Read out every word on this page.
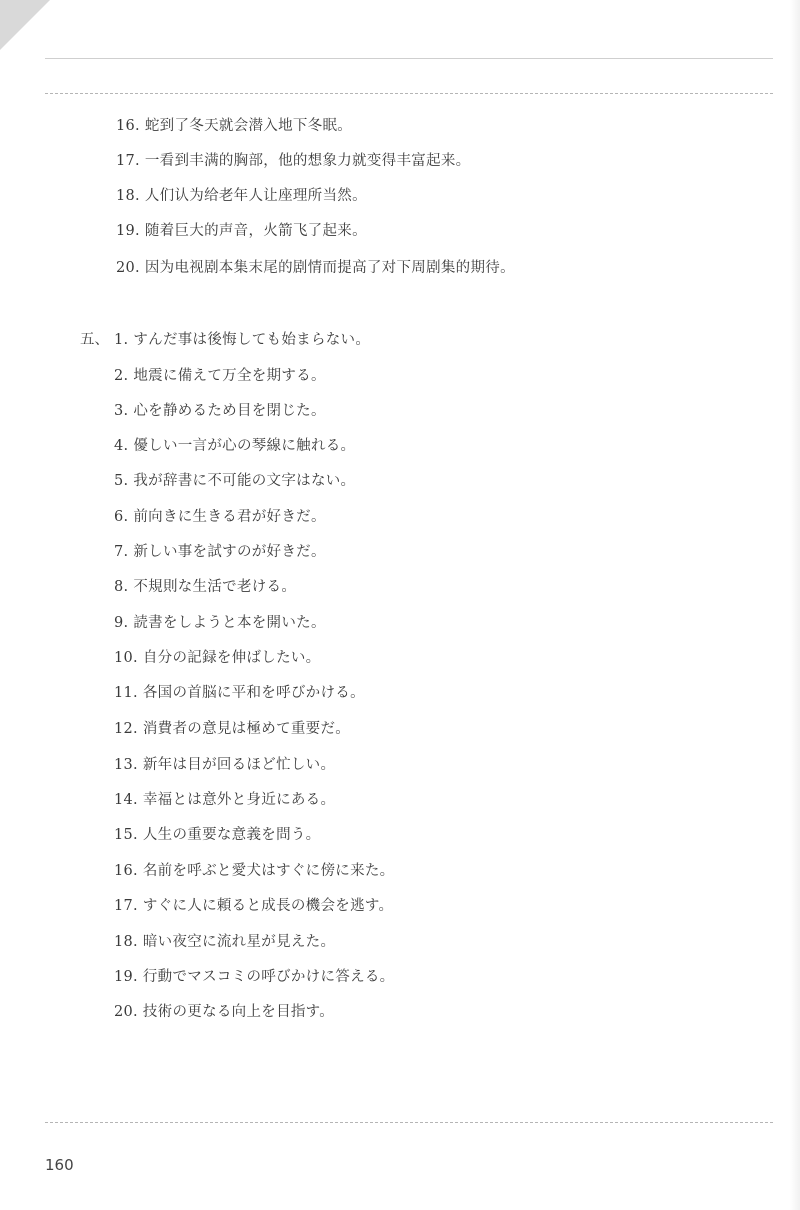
16. 蛇到了冬天就会潜入地下冬眠。
17. 一看到丰满的胸部，他的想象力就变得丰富起来。
18. 人们认为给老年人让座理所当然。
19. 随着巨大的声音，火箭飞了起来。
20. 因为电视剧本集末尾的剧情而提高了对下周剧集的期待。
五、 1. すんだ事は後悔しても始まらない。
2. 地震に備えて万全を期する。
3. 心を静めるため目を閉じた。
4. 優しい一言が心の琴線に触れる。
5. 我が辞書に不可能の文字はない。
6. 前向きに生きる君が好きだ。
7. 新しい事を試すのが好きだ。
8. 不規則な生活で老ける。
9. 読書をしようと本を開いた。
10. 自分の記録を伸ばしたい。
11. 各国の首脳に平和を呼びかける。
12. 消費者の意見は極めて重要だ。
13. 新年は目が回るほど忙しい。
14. 幸福とは意外と身近にある。
15. 人生の重要な意義を問う。
16. 名前を呼ぶと愛犬はすぐに傍に来た。
17. すぐに人に頼ると成長の機会を逃す。
18. 暗い夜空に流れ星が見えた。
19. 行動でマスコミの呼びかけに答える。
20. 技術の更なる向上を目指す。
160
